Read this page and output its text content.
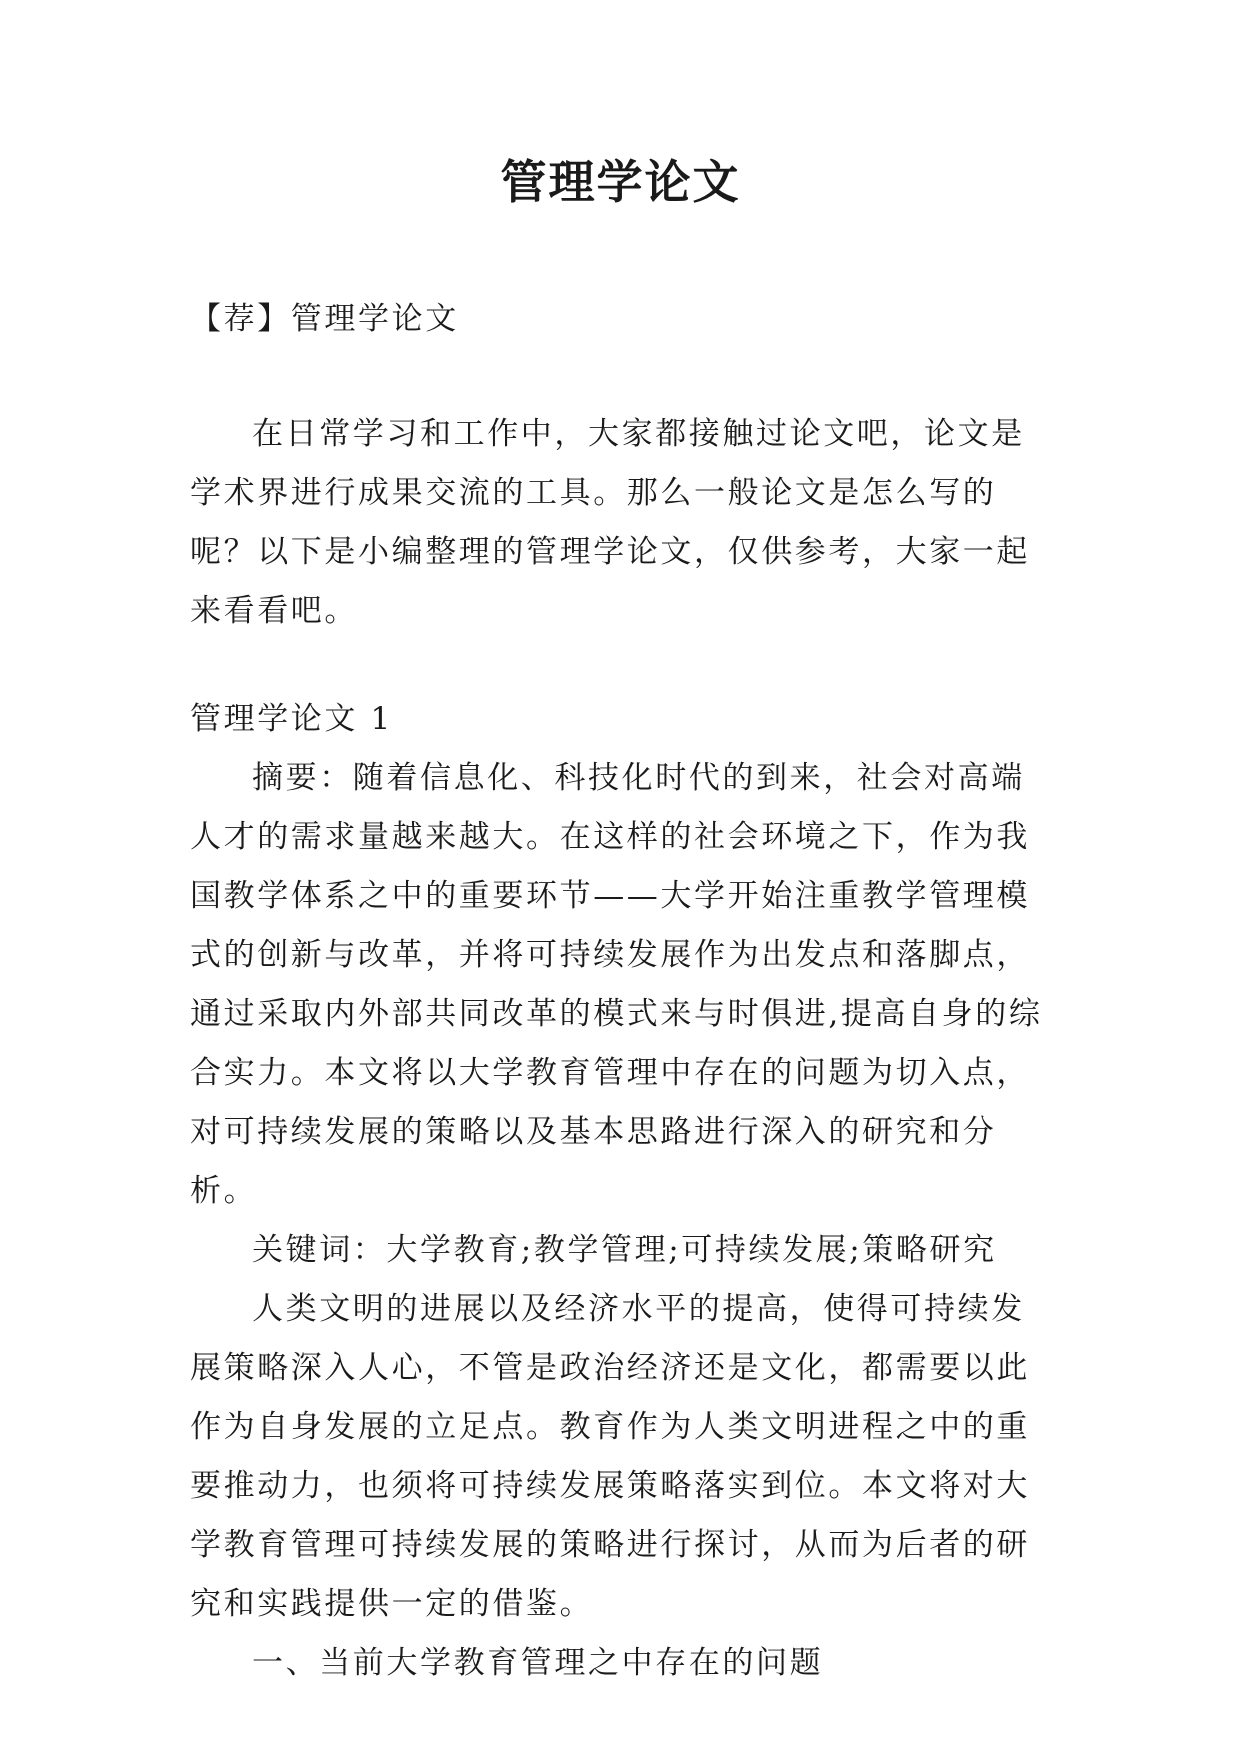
管理学论文

【荐】管理学论文

在日常学习和工作中，大家都接触过论文吧，论文是学术界进行成果交流的工具。那么一般论文是怎么写的呢？以下是小编整理的管理学论文，仅供参考，大家一起来看看吧。

管理学论文 1

摘要：随着信息化、科技化时代的到来，社会对高端人才的需求量越来越大。在这样的社会环境之下，作为我国教学体系之中的重要环节——大学开始注重教学管理模式的创新与改革，并将可持续发展作为出发点和落脚点，通过采取内外部共同改革的模式来与时俱进,提高自身的综合实力。本文将以大学教育管理中存在的问题为切入点，对可持续发展的策略以及基本思路进行深入的研究和分析。

关键词：大学教育;教学管理;可持续发展;策略研究

人类文明的进展以及经济水平的提高，使得可持续发展策略深入人心，不管是政治经济还是文化，都需要以此作为自身发展的立足点。教育作为人类文明进程之中的重要推动力，也须将可持续发展策略落实到位。本文将对大学教育管理可持续发展的策略进行探讨，从而为后者的研究和实践提供一定的借鉴。

一、当前大学教育管理之中存在的问题
